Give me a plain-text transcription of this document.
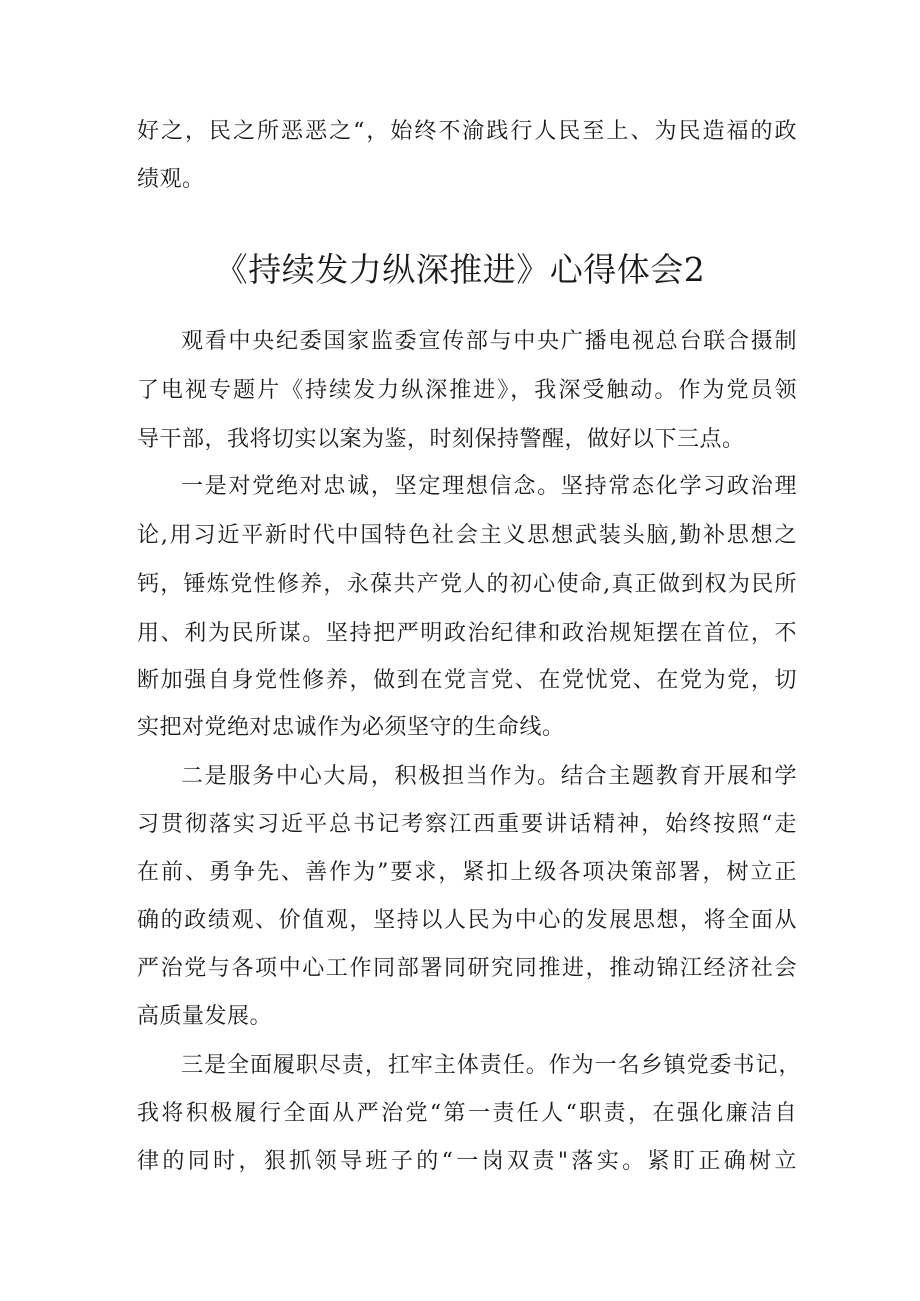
好之，民之所恶恶之“，始终不渝践行人民至上、为民造福的政
绩观。
《持续发力纵深推进》心得体会2
观看中央纪委国家监委宣传部与中央广播电视总台联合摄制
了电视专题片《持续发力纵深推进》，我深受触动。作为党员领
导干部，我将切实以案为鉴，时刻保持警醒，做好以下三点。
一是对党绝对忠诚，坚定理想信念。坚持常态化学习政治理
论,用习近平新时代中国特色社会主义思想武装头脑,勤补思想之
钙，锤炼党性修养，永葆共产党人的初心使命,真正做到权为民所
用、利为民所谋。坚持把严明政治纪律和政治规矩摆在首位，不
断加强自身党性修养，做到在党言党、在党忧党、在党为党，切
实把对党绝对忠诚作为必须坚守的生命线。
二是服务中心大局，积极担当作为。结合主题教育开展和学
习贯彻落实习近平总书记考察江西重要讲话精神，始终按照“走
在前、勇争先、善作为”要求，紧扣上级各项决策部署，树立正
确的政绩观、价值观，坚持以人民为中心的发展思想，将全面从
严治党与各项中心工作同部署同研究同推进，推动锦江经济社会
高质量发展。
三是全面履职尽责，扛牢主体责任。作为一名乡镇党委书记，
我将积极履行全面从严治党“第一责任人“职责，在强化廉洁自
律的同时，狠抓领导班子的“一岗双责"落实。紧盯正确树立
